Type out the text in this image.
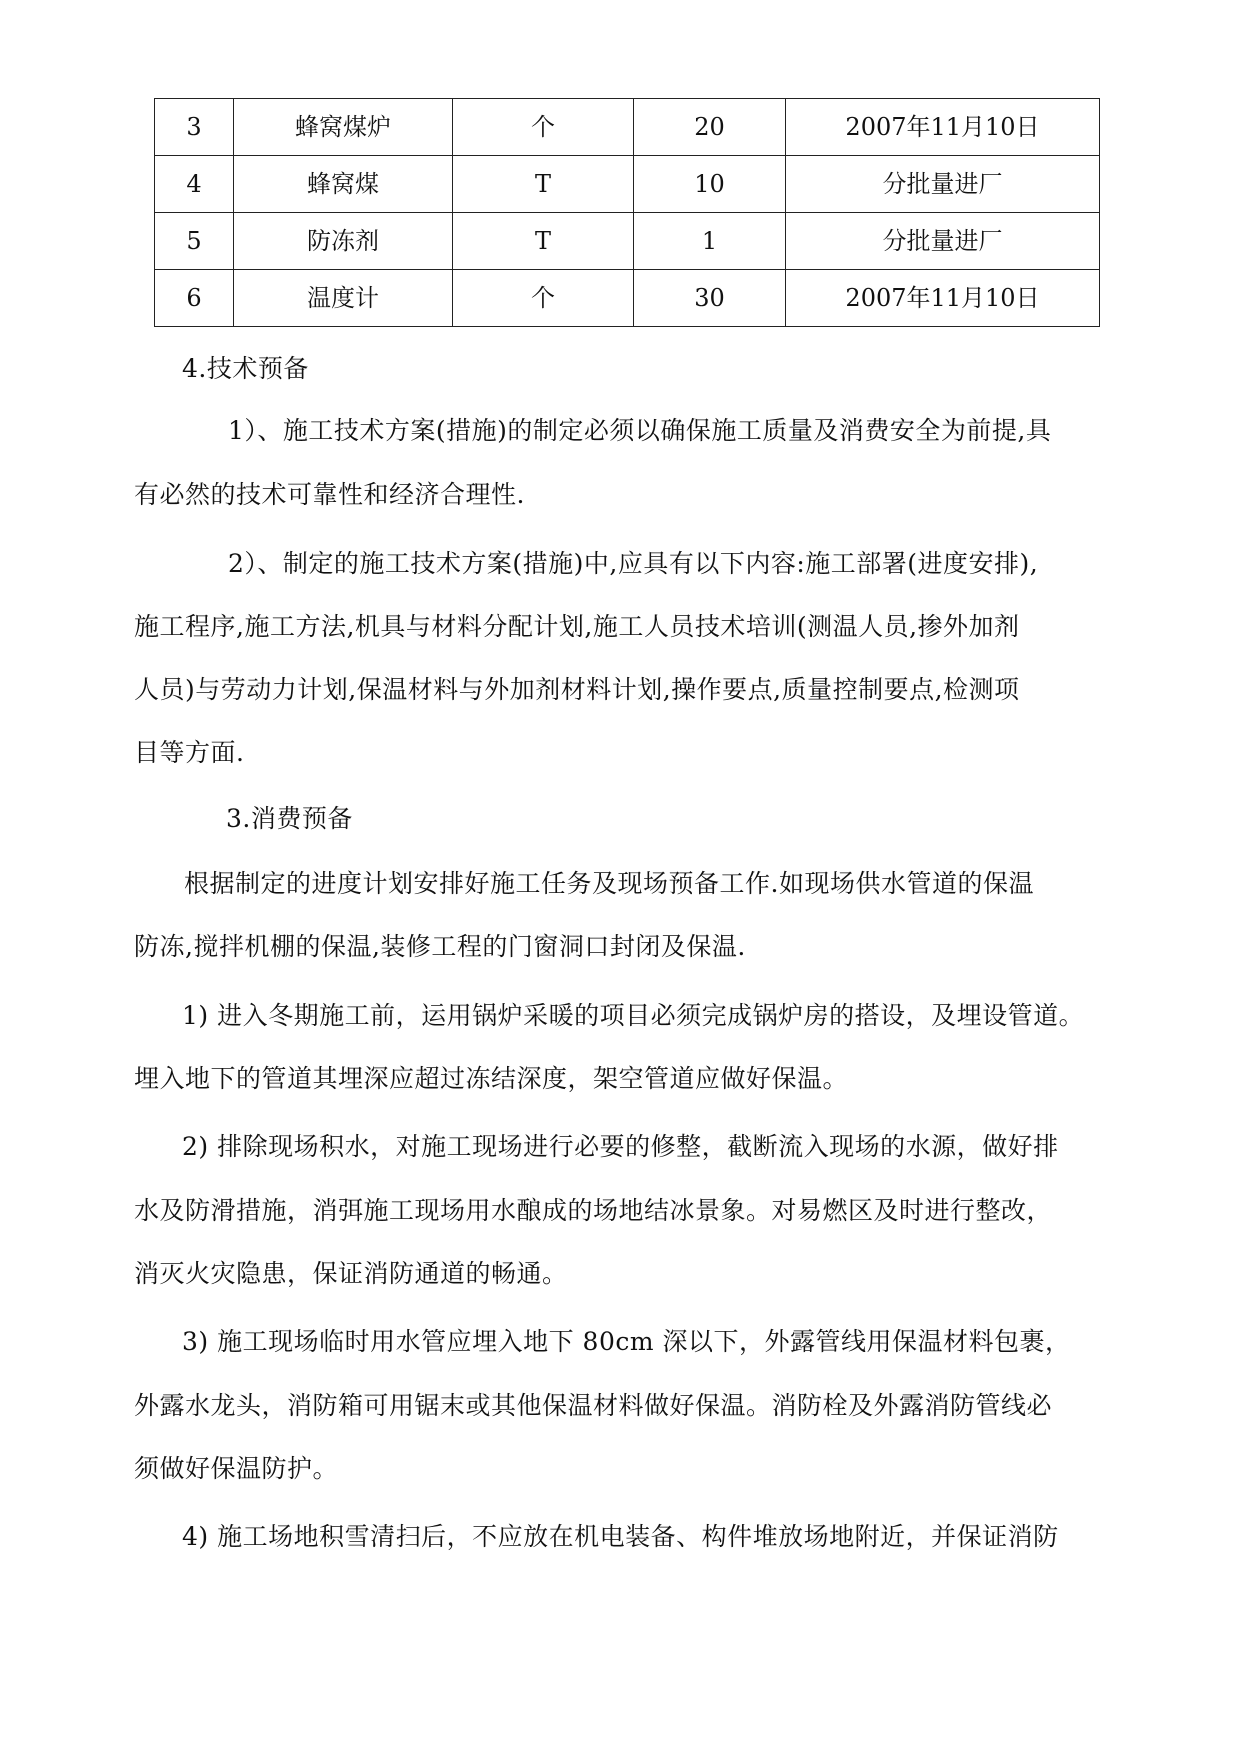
3	蜂窝煤炉	个	20	2007年11月10日
4	蜂窝煤	T	10	分批量进厂
5	防冻剂	T	1	分批量进厂
6	温度计	个	30	2007年11月10日
4.技术预备
1）、施工技术方案(措施)的制定必须以确保施工质量及消费安全为前提,具
有必然的技术可靠性和经济合理性.
2）、制定的施工技术方案(措施)中,应具有以下内容:施工部署(进度安排),
施工程序,施工方法,机具与材料分配计划,施工人员技术培训(测温人员,掺外加剂
人员)与劳动力计划,保温材料与外加剂材料计划,操作要点,质量控制要点,检测项
目等方面.
3.消费预备
根据制定的进度计划安排好施工任务及现场预备工作.如现场供水管道的保温
防冻,搅拌机棚的保温,装修工程的门窗洞口封闭及保温.
1) 进入冬期施工前，运用锅炉采暖的项目必须完成锅炉房的搭设，及埋设管道。
埋入地下的管道其埋深应超过冻结深度，架空管道应做好保温。
2) 排除现场积水，对施工现场进行必要的修整，截断流入现场的水源，做好排
水及防滑措施，消弭施工现场用水酿成的场地结冰景象。对易燃区及时进行整改，
消灭火灾隐患，保证消防通道的畅通。
3) 施工现场临时用水管应埋入地下 80cm 深以下，外露管线用保温材料包裹，
外露水龙头，消防箱可用锯末或其他保温材料做好保温。消防栓及外露消防管线必
须做好保温防护。
4) 施工场地积雪清扫后，不应放在机电装备、构件堆放场地附近，并保证消防
